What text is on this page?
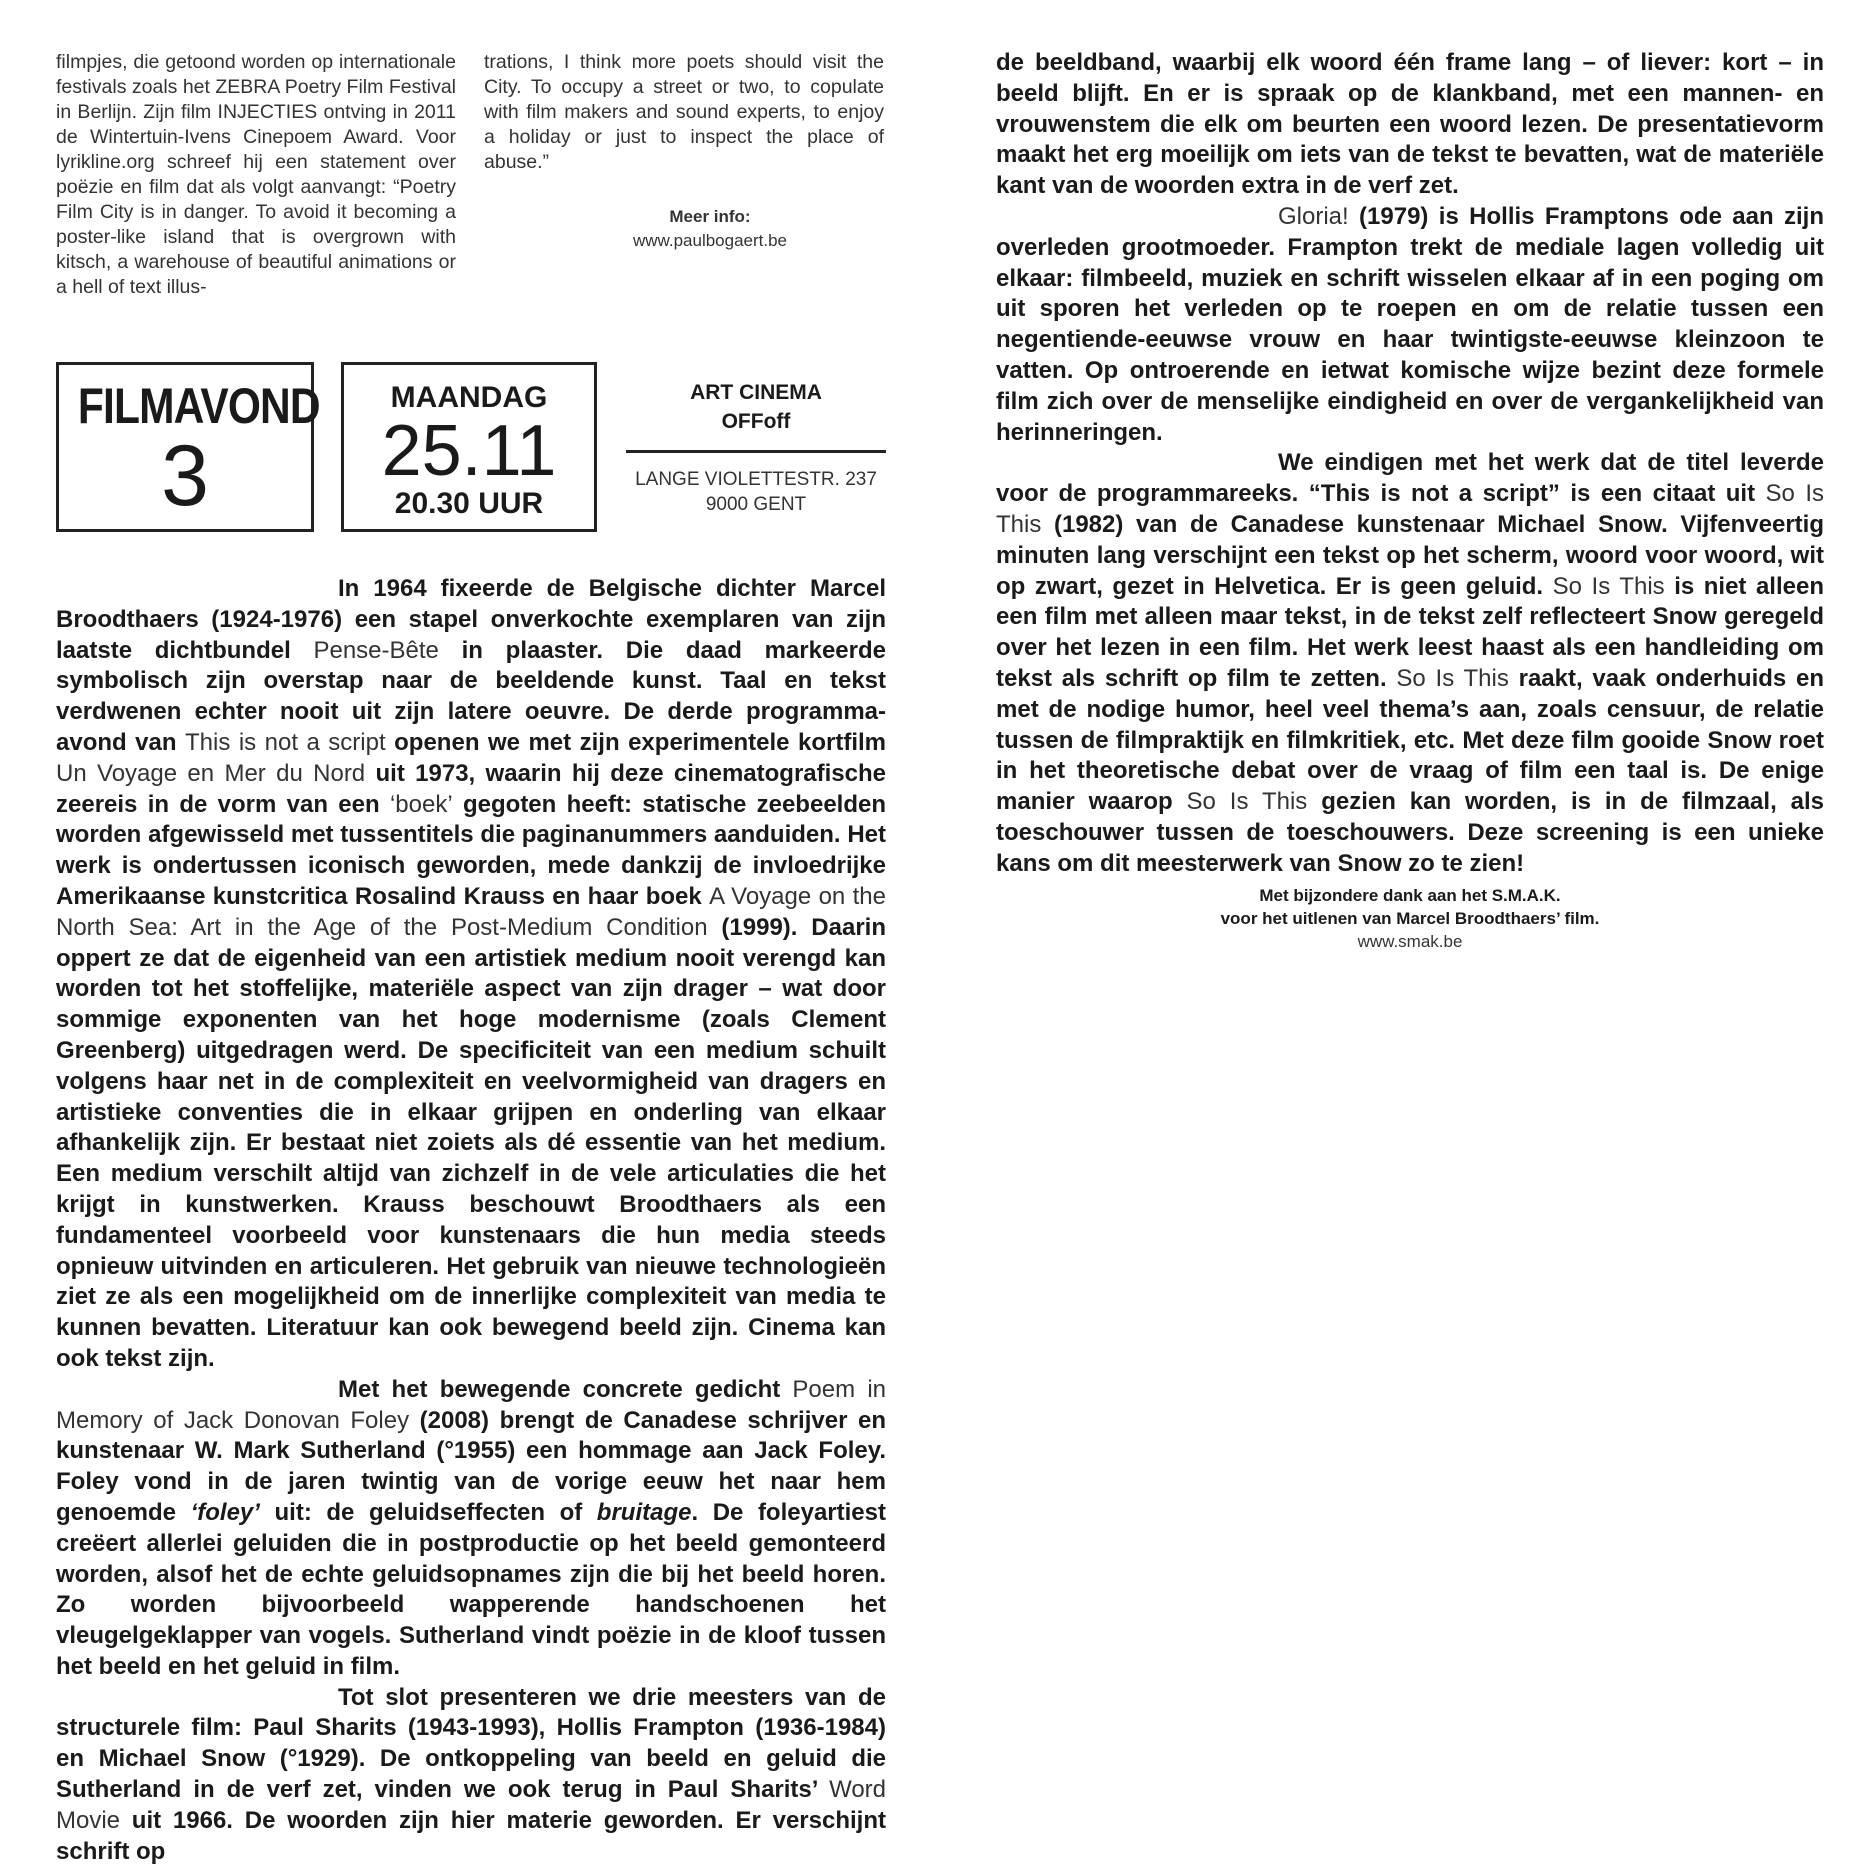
filmpjes, die getoond worden op internationale festivals zoals het ZEBRA Poetry Film Festival in Berlijn. Zijn film INJECTIES ontving in 2011 de Wintertuin-Ivens Cinepoem Award. Voor lyrikline.org schreef hij een statement over poëzie en film dat als volgt aanvangt: “Poetry Film City is in danger. To avoid it becoming a poster-like island that is overgrown with kitsch, a warehouse of beautiful animations or a hell of text illus-

trations, I think more poets should visit the City. To occupy a street or two, to copulate with film makers and sound experts, to enjoy a holiday or just to inspect the place of abuse.”

Meer info:
www.paulbogaert.be
FILMAVOND
3
MAANDAG
25.11
20.30 UUR
ART CINEMA
OFFoff
LANGE VIOLETTESTR. 237
9000 GENT

In 1964 fixeerde de Belgische dichter Marcel Broodthaers (1924-1976) een stapel onverkochte exemplaren van zijn laatste dichtbundel Pense-Bête in plaaster. Die daad markeerde symbolisch zijn overstap naar de beeldende kunst. Taal en tekst verdwenen echter nooit uit zijn latere oeuvre. De derde programma-avond van This is not a script openen we met zijn experimentele kortfilm Un Voyage en Mer du Nord uit 1973, waarin hij deze cinematografische zeereis in de vorm van een ‘boek’ gegoten heeft: statische zeebeelden worden afgewisseld met tussentitels die paginanummers aanduiden. Het werk is ondertussen iconisch geworden, mede dankzij de invloedrijke Amerikaanse kunstcritica Rosalind Krauss en haar boek A Voyage on the North Sea: Art in the Age of the Post-Medium Condition (1999). Daarin oppert ze dat de eigenheid van een artistiek medium nooit verengd kan worden tot het stoffelijke, materiële aspect van zijn drager – wat door sommige exponenten van het hoge modernisme (zoals Clement Greenberg) uitgedragen werd. De specificiteit van een medium schuilt volgens haar net in de complexiteit en veelvormigheid van dragers en artistieke conventies die in elkaar grijpen en onderling van elkaar afhankelijk zijn. Er bestaat niet zoiets als dé essentie van het medium. Een medium verschilt altijd van zichzelf in de vele articulaties die het krijgt in kunstwerken. Krauss beschouwt Broodthaers als een fundamenteel voorbeeld voor kunstenaars die hun media steeds opnieuw uitvinden en articuleren. Het gebruik van nieuwe technologieën ziet ze als een mogelijkheid om de innerlijke complexiteit van media te kunnen bevatten. Literatuur kan ook bewegend beeld zijn. Cinema kan ook tekst zijn.

Met het bewegende concrete gedicht Poem in Memory of Jack Donovan Foley (2008) brengt de Canadese schrijver en kunstenaar W. Mark Sutherland (°1955) een hommage aan Jack Foley. Foley vond in de jaren twintig van de vorige eeuw het naar hem genoemde ‘foley’ uit: de geluidseffecten of bruitage. De foleyartiest creëert allerlei geluiden die in postproductie op het beeld gemonteerd worden, alsof het de echte geluidsopnames zijn die bij het beeld horen. Zo worden bijvoorbeeld wapperende handschoenen het vleugelgeklapper van vogels. Sutherland vindt poëzie in de kloof tussen het beeld en het geluid in film.

Tot slot presenteren we drie meesters van de structurele film: Paul Sharits (1943-1993), Hollis Frampton (1936-1984) en Michael Snow (°1929). De ontkoppeling van beeld en geluid die Sutherland in de verf zet, vinden we ook terug in Paul Sharits’ Word Movie uit 1966. De woorden zijn hier materie geworden. Er verschijnt schrift op

de beeldband, waarbij elk woord één frame lang – of liever: kort – in beeld blijft. En er is spraak op de klankband, met een mannen- en vrouwenstem die elk om beurten een woord lezen. De presentatievorm maakt het erg moeilijk om iets van de tekst te bevatten, wat de materiële kant van de woorden extra in de verf zet.

Gloria! (1979) is Hollis Framptons ode aan zijn overleden grootmoeder. Frampton trekt de mediale lagen volledig uit elkaar: filmbeeld, muziek en schrift wisselen elkaar af in een poging om uit sporen het verleden op te roepen en om de relatie tussen een negentiende-eeuwse vrouw en haar twintigste-eeuwse kleinzoon te vatten. Op ontroerende en ietwat komische wijze bezint deze formele film zich over de menselijke eindigheid en over de vergankelijkheid van herinneringen.

We eindigen met het werk dat de titel leverde voor de programmareeks. “This is not a script” is een citaat uit So Is This (1982) van de Canadese kunstenaar Michael Snow. Vijfenveertig minuten lang verschijnt een tekst op het scherm, woord voor woord, wit op zwart, gezet in Helvetica. Er is geen geluid. So Is This is niet alleen een film met alleen maar tekst, in de tekst zelf reflecteert Snow geregeld over het lezen in een film. Het werk leest haast als een handleiding om tekst als schrift op film te zetten. So Is This raakt, vaak onderhuids en met de nodige humor, heel veel thema’s aan, zoals censuur, de relatie tussen de filmpraktijk en filmkritiek, etc. Met deze film gooide Snow roet in het theoretische debat over de vraag of film een taal is. De enige manier waarop So Is This gezien kan worden, is in de filmzaal, als toeschouwer tussen de toeschouwers. Deze screening is een unieke kans om dit meesterwerk van Snow zo te zien!

Met bijzondere dank aan het S.M.A.K.
voor het uitlenen van Marcel Broodthaers’ film.
www.smak.be
